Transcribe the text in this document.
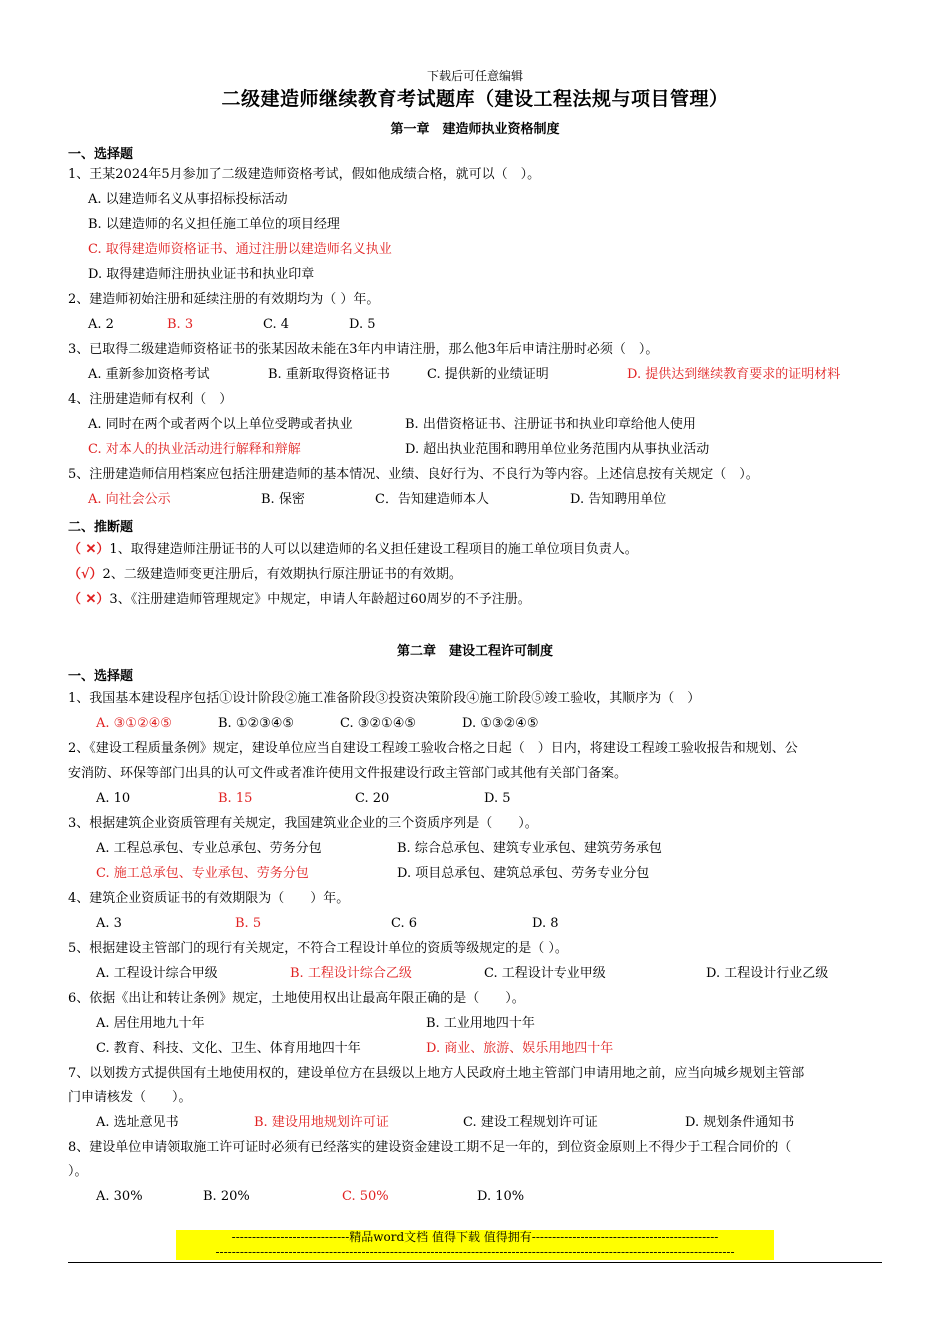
下载后可任意编辑
二级建造师继续教育考试题库（建设工程法规与项目管理）
第一章　建造师执业资格制度
一、选择题
1、王某2024年5月参加了二级建造师资格考试，假如他成绩合格，就可以（　）。
A. 以建造师名义从事招标投标活动
B. 以建造师的名义担任施工单位的项目经理
C. 取得建造师资格证书、通过注册以建造师名义执业
D. 取得建造师注册执业证书和执业印章
2、建造师初始注册和延续注册的有效期均为（ ）年。
A. 2	B. 3	C. 4	D. 5
3、已取得二级建造师资格证书的张某因故未能在3年内申请注册，那么他3年后申请注册时必须（　）。
A. 重新参加资格考试	B. 重新取得资格证书	C. 提供新的业绩证明	D. 提供达到继续教育要求的证明材料
4、注册建造师有权利（　）
A. 同时在两个或者两个以上单位受聘或者执业	B. 出借资格证书、注册证书和执业印章给他人使用
C. 对本人的执业活动进行解释和辩解	D. 超出执业范围和聘用单位业务范围内从事执业活动
5、注册建造师信用档案应包括注册建造师的基本情况、业绩、良好行为、不良行为等内容。上述信息按有关规定（　）。
A. 向社会公示	B. 保密	C．告知建造师本人	D. 告知聘用单位
二、推断题
（ ✕）1、取得建造师注册证书的人可以以建造师的名义担任建设工程项目的施工单位项目负责人。
（√）2、二级建造师变更注册后，有效期执行原注册证书的有效期。
（ ✕）3、《注册建造师管理规定》中规定，申请人年龄超过60周岁的不予注册。
第二章　建设工程许可制度
一、选择题
1、我国基本建设程序包括①设计阶段②施工准备阶段③投资决策阶段④施工阶段⑤竣工验收，其顺序为（　）
A. ③①②④⑤	B. ①②③④⑤	C. ③②①④⑤	D. ①③②④⑤
2、《建设工程质量条例》规定，建设单位应当自建设工程竣工验收合格之日起（　）日内，将建设工程竣工验收报告和规划、公
安消防、环保等部门出具的认可文件或者准许使用文件报建设行政主管部门或其他有关部门备案。
A. 10	B. 15	C. 20	D. 5
3、根据建筑企业资质管理有关规定，我国建筑业企业的三个资质序列是（　　）。
A. 工程总承包、专业总承包、劳务分包	B. 综合总承包、建筑专业承包、建筑劳务承包
C. 施工总承包、专业承包、劳务分包	D. 项目总承包、建筑总承包、劳务专业分包
4、建筑企业资质证书的有效期限为（　　）年。
A. 3	B. 5	C. 6	D. 8
5、根据建设主管部门的现行有关规定，不符合工程设计单位的资质等级规定的是（ ）。
A. 工程设计综合甲级	B. 工程设计综合乙级	C. 工程设计专业甲级	D. 工程设计行业乙级
6、依据《出让和转让条例》规定，土地使用权出让最高年限正确的是（　　）。
A. 居住用地九十年	B. 工业用地四十年
C. 教育、科技、文化、卫生、体育用地四十年	D. 商业、旅游、娱乐用地四十年
7、以划拨方式提供国有土地使用权的，建设单位方在县级以上地方人民政府土地主管部门申请用地之前，应当向城乡规划主管部
门申请核发（　　）。
A. 选址意见书	B. 建设用地规划许可证	C. 建设工程规划许可证	D. 规划条件通知书
8、建设单位申请领取施工许可证时必须有已经落实的建设资金建设工期不足一年的，到位资金原则上不得少于工程合同价的（
）。
A. 30%	B. 20%	C. 50%	D. 10%
-----------------------------精品word文档 值得下载 值得拥有----------------------------------------------
--------------------------------------------------------------------------------------------------------------------------------
